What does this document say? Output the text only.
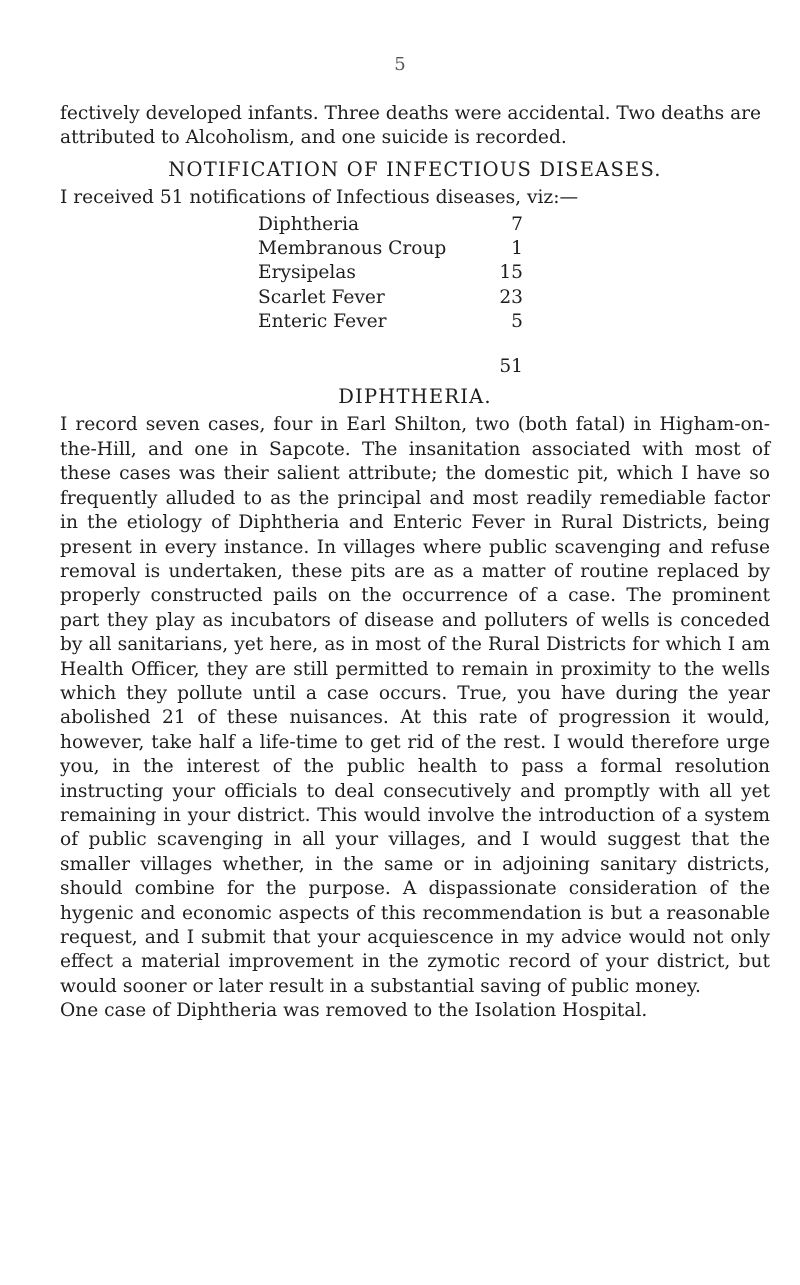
5

fectively developed infants. Three deaths were accidental. Two deaths are attributed to Alcoholism, and one suicide is recorded.

NOTIFICATION OF INFECTIOUS DISEASES.

I received 51 notifications of Infectious diseases, viz:—

Diphtheria	7
Membranous Croup	1
Erysipelas	15
Scarlet Fever	23
Enteric Fever	5
51
DIPHTHERIA.

I record seven cases, four in Earl Shilton, two (both fatal) in Higham-on-the-Hill, and one in Sapcote. The insanitation associated with most of these cases was their salient attribute; the domestic pit, which I have so frequently alluded to as the principal and most readily remediable factor in the etiology of Diphtheria and Enteric Fever in Rural Districts, being present in every instance. In villages where public scavenging and refuse removal is undertaken, these pits are as a matter of routine replaced by properly constructed pails on the occurrence of a case. The prominent part they play as incubators of disease and polluters of wells is conceded by all sanitarians, yet here, as in most of the Rural Districts for which I am Health Officer, they are still permitted to remain in proximity to the wells which they pollute until a case occurs. True, you have during the year abolished 21 of these nuisances. At this rate of progression it would, however, take half a life-time to get rid of the rest. I would therefore urge you, in the interest of the public health to pass a formal resolution instructing your officials to deal consecutively and promptly with all yet remaining in your district. This would involve the introduction of a system of public scavenging in all your villages, and I would suggest that the smaller villages whether, in the same or in adjoining sanitary districts, should combine for the purpose. A dispassionate consideration of the hygenic and economic aspects of this recommendation is but a reasonable request, and I submit that your acquiescence in my advice would not only effect a material improvement in the zymotic record of your district, but would sooner or later result in a substantial saving of public money.

One case of Diphtheria was removed to the Isolation Hospital.
